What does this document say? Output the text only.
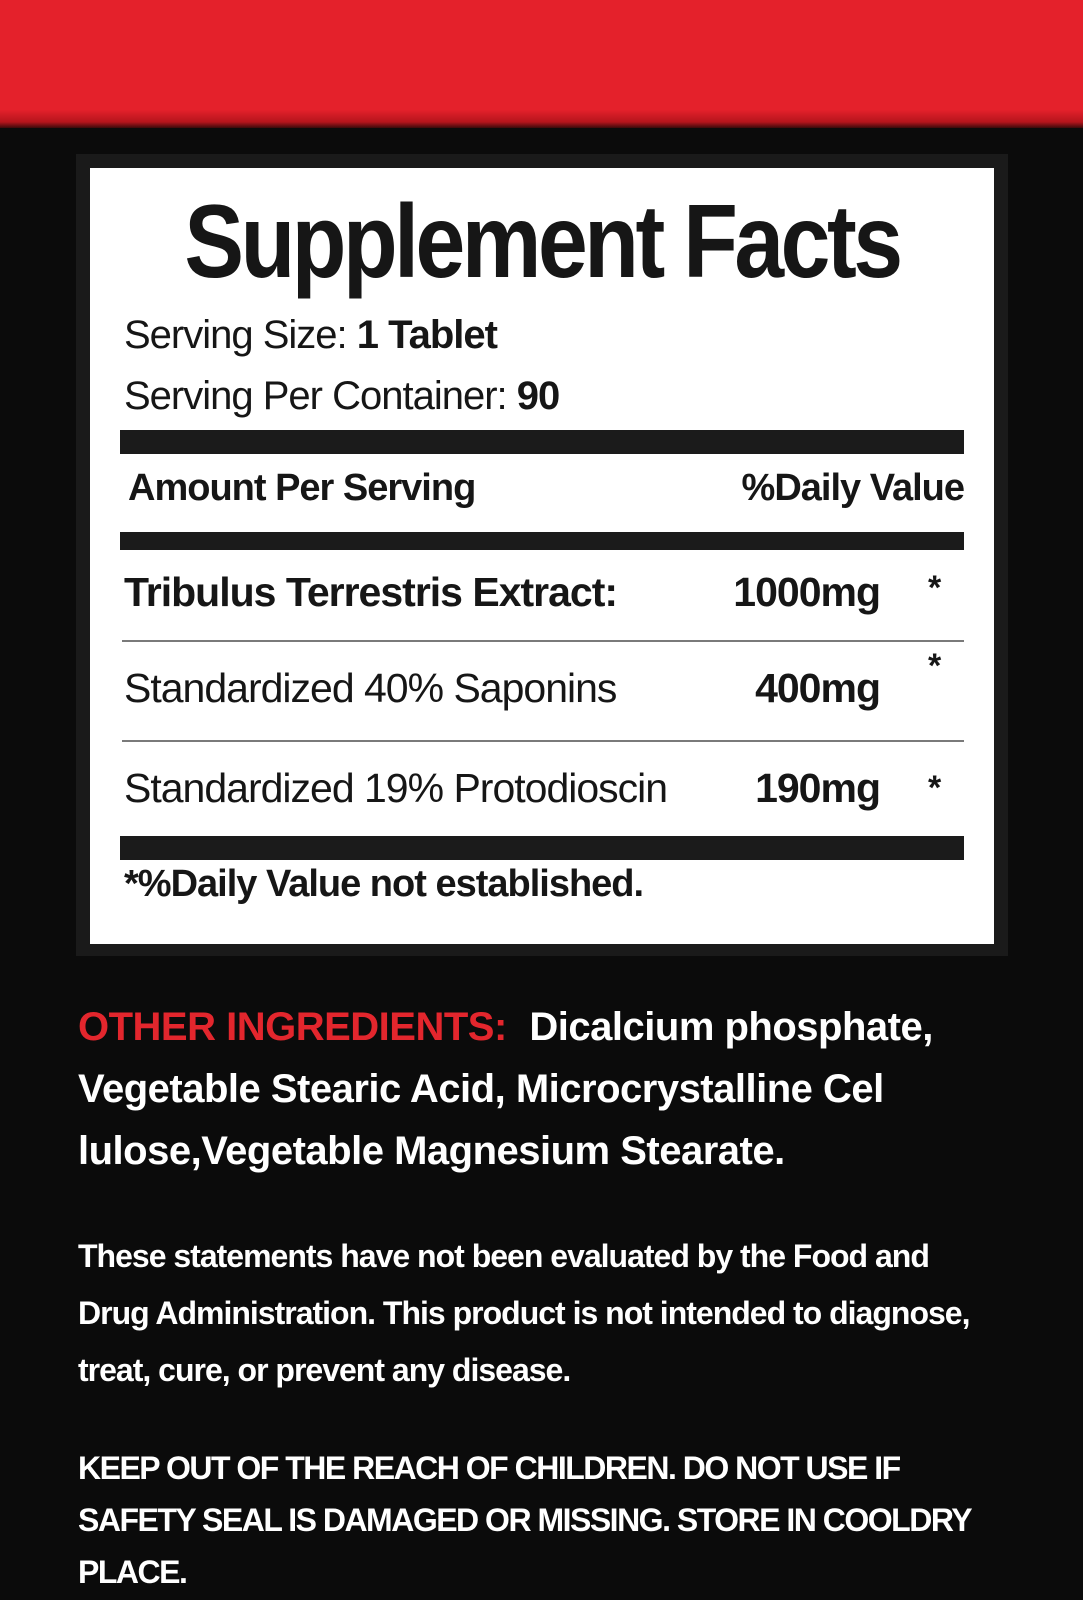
Supplement Facts
Serving Size: 1 Tablet
Serving Per Container: 90
Amount Per Serving	%Daily Value
Tribulus Terrestris Extract:	1000mg *
Standardized 40% Saponins	400mg *
Standardized 19% Protodioscin 190mg *
*%Daily Value not established.
OTHER INGREDIENTS: Dicalcium phosphate, Vegetable Stearic Acid, Microcrystalline Cel lulose,Vegetable Magnesium Stearate.
These statements have not been evaluated by the Food and Drug Administration. This product is not intended to diagnose, treat, cure, or prevent any disease.
KEEP OUT OF THE REACH OF CHILDREN. DO NOT USE IF SAFETY SEAL IS DAMAGED OR MISSING. STORE IN COOLDRY PLACE.
